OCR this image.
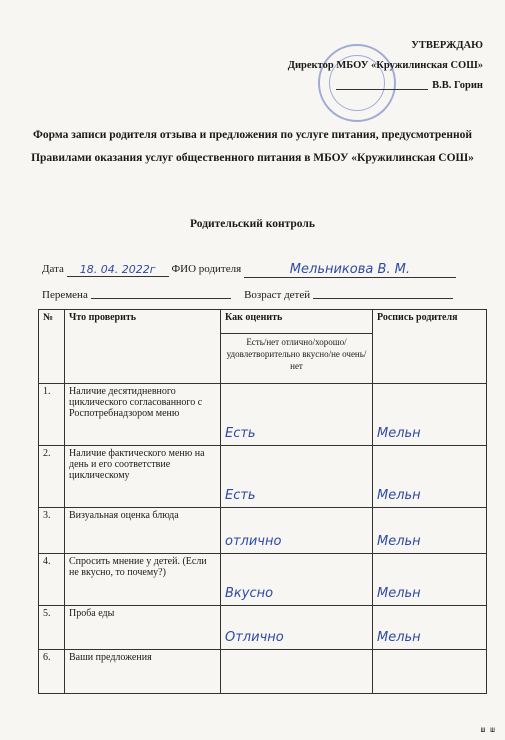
УТВЕРЖДАЮ
Директор МБОУ «Кружилинская СОШ»
В.В. Горин
Форма записи родителя отзыва и предложения по услуге питания, предусмотренной Правилами оказания услуг общественного питания в МБОУ «Кружилинская СОШ»
Родительский контроль
Дата 18. 04. 2022г ФИО родителя	Мельникова В. М.
Перемена	Возраст детей
№	Что проверить	Как оценить	Роспись родителя
		Есть/нет отлично/хорошо/удовлетворительно вкусно/не очень/нет	
1.	Наличие десятидневного циклического согласованного с Роспотребнадзором меню	Есть	Мельн
2.	Наличие фактического меню на день и его соответствие циклическому	Есть	Мельн
3.	Визуальная оценка блюда	отлично	Мельн
4.	Спросить мнение у детей. (Если не вкусно, то почему?)	Вкусно	Мельн
5.	Проба еды	Отлично	Мельн
6.	Ваши предложения		
ш ш
